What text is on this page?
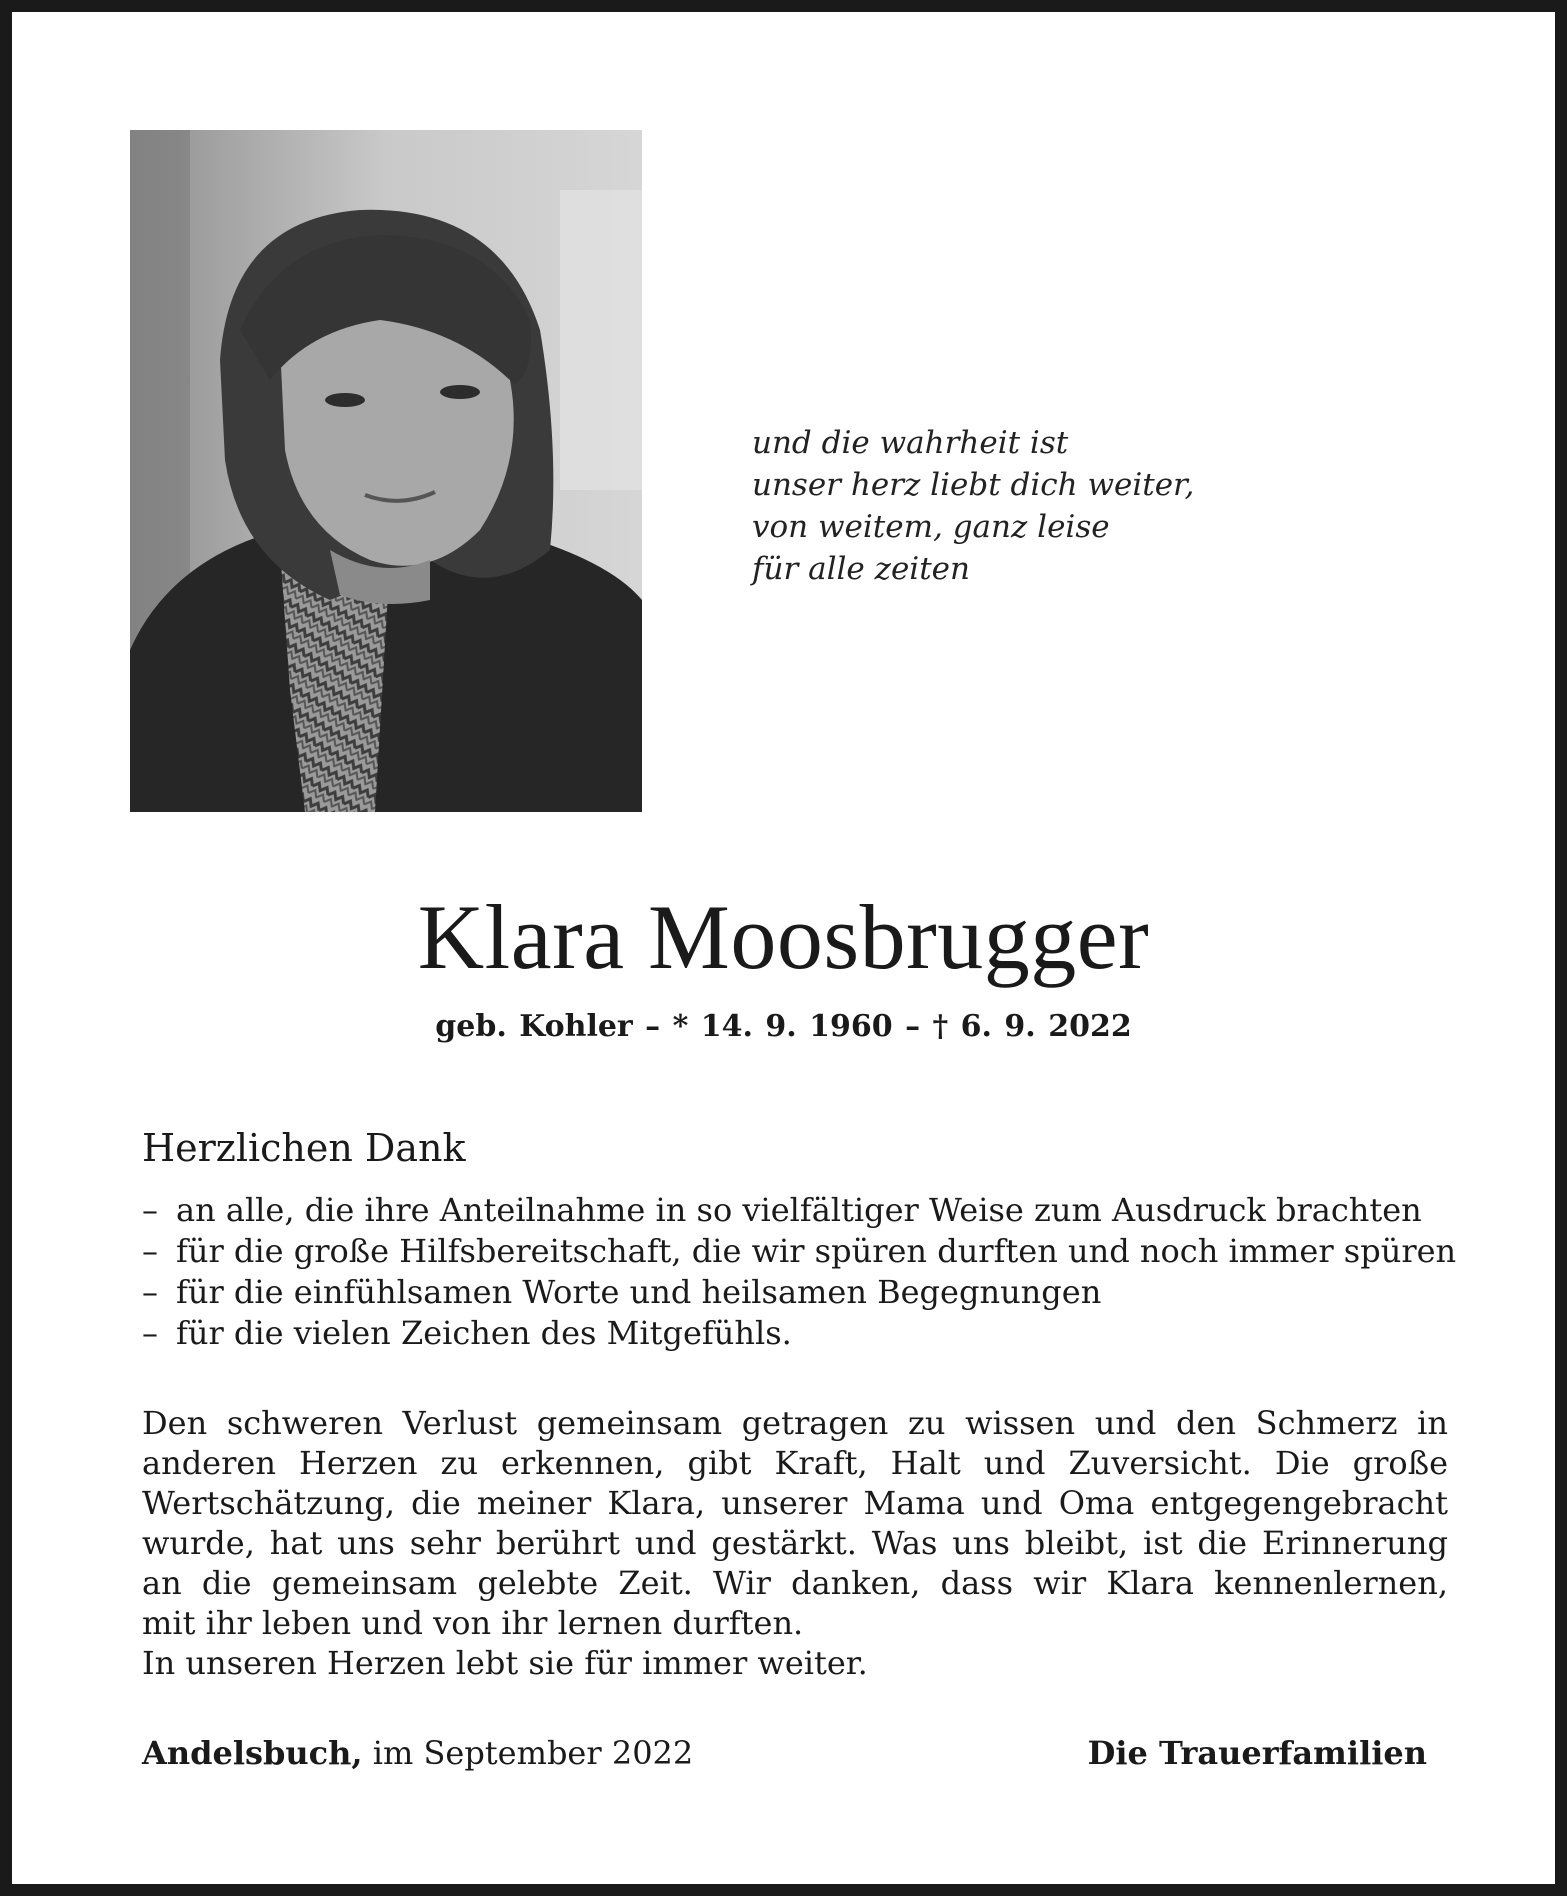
und die wahrheit ist
unser herz liebt dich weiter,
von weitem, ganz leise
für alle zeiten
Klara Moosbrugger
geb. Kohler – * 14. 9. 1960 – † 6. 9. 2022
Herzlichen Dank
– an alle, die ihre Anteilnahme in so vielfältiger Weise zum Ausdruck brachten
– für die große Hilfsbereitschaft, die wir spüren durften und noch immer spüren
– für die einfühlsamen Worte und heilsamen Begegnungen
– für die vielen Zeichen des Mitgefühls.
Den schweren Verlust gemeinsam getragen zu wissen und den Schmerz in
anderen Herzen zu erkennen, gibt Kraft, Halt und Zuversicht. Die große
Wertschätzung, die meiner Klara, unserer Mama und Oma entgegengebracht
wurde, hat uns sehr berührt und gestärkt. Was uns bleibt, ist die Erinnerung
an die gemeinsam gelebte Zeit. Wir danken, dass wir Klara kennenlernen,
mit ihr leben und von ihr lernen durften.
In unseren Herzen lebt sie für immer weiter.
Andelsbuch, im September 2022	Die Trauerfamilien
